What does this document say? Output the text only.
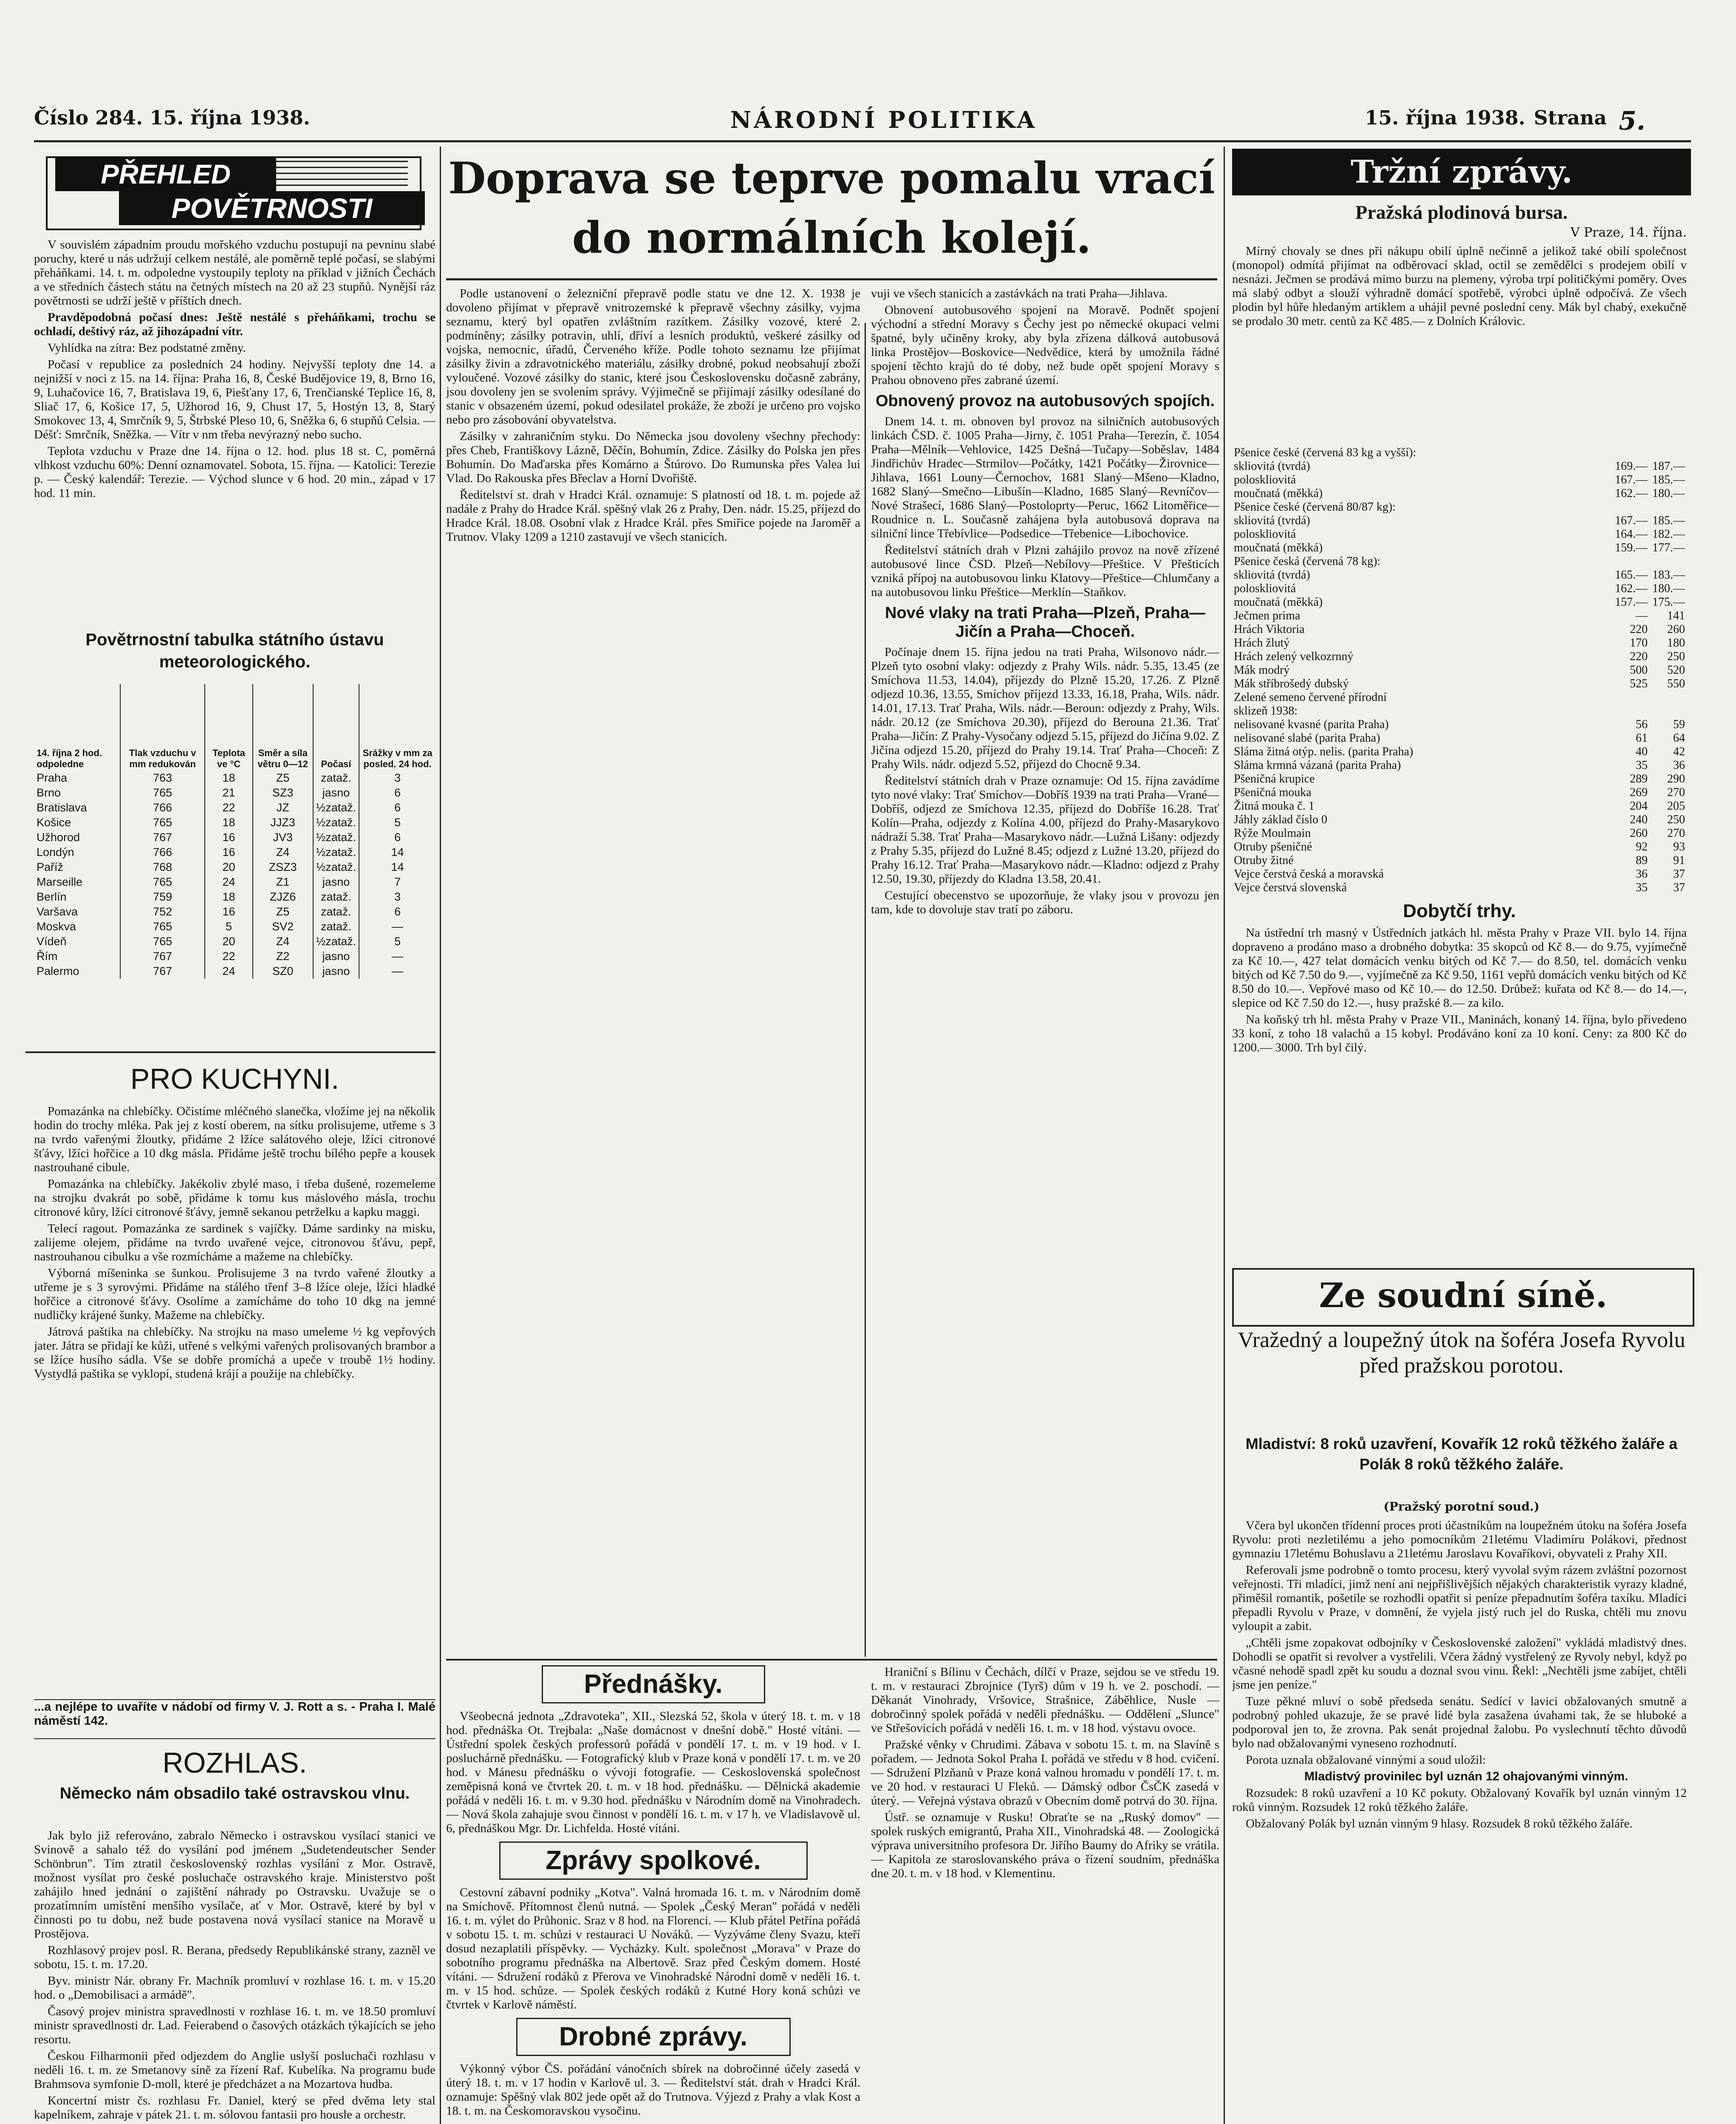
Číslo 284. 15. října 1938.	NÁRODNÍ POLITIKA	15. října 1938. Strana 5.
PŘEHLED
POVĚTRNOSTI

V souvislém západním proudu mořského vzduchu postupují na pevninu slabé poruchy, které u nás udržují celkem nestálé, ale poměrně teplé počasí, se slabými přeháňkami. 14. t. m. odpoledne vystoupily teploty na příklad v jižních Čechách a ve středních částech státu na četných místech na 20 až 23 stupňů. Nynější ráz povětrnosti se udrží ještě v příštích dnech.

Pravděpodobná počasí dnes: Ještě nestálé s přeháňkami, trochu se ochladí, deštivý ráz, až jihozápadní vítr.

Vyhlídka na zítra: Bez podstatné změny.

Počasí v republice za posledních 24 hodiny. Nejvyšší teploty dne 14. a nejnižší v noci z 15. na 14. října: Praha 16, 8, České Budějovice 19, 8, Brno 16, 9, Luhačovice 16, 7, Bratislava 19, 6, Piešťany 17, 6, Trenčianské Teplice 16, 8, Sliač 17, 6, Košice 17, 5, Užhorod 16, 9, Chust 17, 5, Hostýn 13, 8, Starý Smokovec 13, 4, Smrčník 9, 5, Štrbské Pleso 10, 6, Sněžka 6, 6 stupňů Celsia. — Déšť: Smrčník, Sněžka. — Vítr v nm třeba nevýrazný nebo sucho.

Teplota vzduchu v Praze dne 14. října o 12. hod. plus 18 st. C, poměrná vlhkost vzduchu 60%: Denní oznamovatel. Sobota, 15. října. — Katolici: Terezie p. — Český kalendář: Terezie. — Východ slunce v 6 hod. 20 min., západ v 17 hod. 11 min.

Povětrnostní tabulka státního ústavu meteorologického.
14. října 2 hod. odpoledne	Tlak vzduchu v mm redukován	Teplota ve °C	Směr a síla větru 0—12	Počasí	Srážky v mm za posled. 24 hod.
Praha	763	18	Z5	zataž.	3
Brno	765	21	SZ3	jasno	6
Bratislava	766	22	JZ	½zataž.	6
Košice	765	18	JJZ3	½zataž.	5
Užhorod	767	16	JV3	½zataž.	6
Londýn	766	16	Z4	½zataž.	14
Paříž	768	20	ZSZ3	½zataž.	14
Marseille	765	24	Z1	jasno	7
Berlín	759	18	ZJZ6	zataž.	3
Varšava	752	16	Z5	zataž.	6
Moskva	765	5	SV2	zataž.	—
Vídeň	765	20	Z4	½zataž.	5
Řím	767	22	Z2	jasno	—
Palermo	767	24	SZ0	jasno	—
PRO KUCHYNI.

Pomazánka na chlebíčky. Očistíme mléčného slanečka, vložíme jej na několik hodin do trochy mléka. Pak jej z kostí oberem, na sítku prolisujeme, utřeme s 3 na tvrdo vařenými žloutky, přidáme 2 lžíce salátového oleje, lžíci citronové šťávy, lžíci hořčice a 10 dkg másla. Přidáme ještě trochu bílého pepře a kousek nastrouhané cibule.

Pomazánka na chlebíčky. Jakékoliv zbylé maso, i třeba dušené, rozemeleme na strojku dvakrát po sobě, přidáme k tomu kus máslového másla, trochu citronové kůry, lžíci citronové šťávy, jemně sekanou petrželku a kapku maggi.

Telecí ragout. Pomazánka ze sardinek s vajíčky. Dáme sardinky na misku, zalijeme olejem, přidáme na tvrdo uvařené vejce, citronovou šťávu, pepř, nastrouhanou cibulku a vše rozmícháme a mažeme na chlebíčky.

Výborná míšeninka se šunkou. Prolisujeme 3 na tvrdo vařené žloutky a utřeme je s 3 syrovými. Přidáme na stálého třenf 3–8 lžíce oleje, lžíci hladké hořčice a citronové šťávy. Osolíme a zamícháme do toho 10 dkg na jemné nudličky krájené šunky. Mažeme na chlebíčky.

Játrová paštika na chlebíčky. Na strojku na maso umeleme ½ kg vepřových jater. Játra se přidají ke kůži, utřené s velkými vařených prolisovaných brambor a se lžíce husího sádla. Vše se dobře promíchá a upeče v troubě 1½ hodiny. Vystydlá paštika se vyklopí, studená krájí a použije na chlebíčky.

...a nejlépe to uvaříte v nádobí od firmy V. J. Rott a s. - Praha I. Malé náměstí 142.
ROZHLAS.
Německo nám obsadilo také ostravskou vlnu.

Jak bylo již referováno, zabralo Německo i ostravskou vysílací stanici ve Svinově a sahalo též do vysílání pod jménem „Sudetendeutscher Sender Schönbrun". Tím ztratil československý rozhlas vysílání z Mor. Ostravě, možnost vysílat pro české posluchače ostravského kraje. Ministerstvo pošt zahájilo hned jednání o zajištění náhrady po Ostravsku. Uvažuje se o prozatímním umístění menšího vysílače, ať v Mor. Ostravě, které by byl v činnosti po tu dobu, než bude postavena nová vysílací stanice na Moravě u Prostějova.

Rozhlasový projev posl. R. Berana, předsedy Republikánské strany, zazněl ve sobotu, 15. t. m. 17.20.

Byv. ministr Nár. obrany Fr. Machník promluví v rozhlase 16. t. m. v 15.20 hod. o „Demobilisaci a armádě".

Časový projev ministra spravedlnosti v rozhlase 16. t. m. ve 18.50 promluví ministr spravedlnosti dr. Lad. Feierabend o časových otázkách týkajících se jeho resortu.

Českou Filharmonii před odjezdem do Anglie uslyší posluchači rozhlasu v neděli 16. t. m. ze Smetanovy síně za řízení Raf. Kubelíka. Na programu bude Brahmsova symfonie D-moll, které je předcházet a na Mozartova hudba.

Koncertní mistr čs. rozhlasu Fr. Daniel, který se před dvěma lety stal kapelníkem, zahraje v pátek 21. t. m. sólovou fantasii pro housle a orchestr.

Doprava se teprve pomalu vrací
do normálních kolejí.

Podle ustanovení o železniční přepravě podle statu ve dne 12. X. 1938 je dovoleno přijímat v přepravě vnitrozemské k přepravě všechny zásilky, vyjma seznamu, který byl opatřen zvláštním razítkem. Zásilky vozové, které 2. podmíněny; zásilky potravin, uhlí, dříví a lesních produktů, veškeré zásilky od vojska, nemocnic, úřadů, Červeného kříže. Podle tohoto seznamu lze přijímat zásilky živin a zdravotnického materiálu, zásilky drobné, pokud neobsahují zboží vyloučené. Vozové zásilky do stanic, které jsou Československu dočasně zabrány, jsou dovoleny jen se svolením správy. Výjimečně se přijímají zásilky odesílané do stanic v obsazeném území, pokud odesilatel prokáže, že zboží je určeno pro vojsko nebo pro zásobování obyvatelstva.

Zásilky v zahraničním styku. Do Německa jsou dovoleny všechny přechody: přes Cheb, Františkovy Lázně, Děčín, Bohumín, Zdice. Zásilky do Polska jen přes Bohumín. Do Maďarska přes Komárno a Štúrovo. Do Rumunska přes Valea lui Vlad. Do Rakouska přes Břeclav a Horní Dvořiště.

Ředitelství st. drah v Hradci Král. oznamuje: S platností od 18. t. m. pojede až nadále z Prahy do Hradce Král. spěšný vlak 26 z Prahy, Den. nádr. 15.25, příjezd do Hradce Král. 18.08. Osobní vlak z Hradce Král. přes Smiřice pojede na Jaroměř a Trutnov. Vlaky 1209 a 1210 zastavují ve všech stanicích.

vuji ve všech stanicích a zastávkách na trati Praha—Jihlava.

Obnovení autobusového spojení na Moravě. Podnět spojení východní a střední Moravy s Čechy jest po německé okupaci velmi špatné, byly učiněny kroky, aby byla zřízena dálková autobusová linka Prostějov—Boskovice—Nedvědice, která by umožnila řádné spojení těchto krajů do té doby, než bude opět spojení Moravy s Prahou obnoveno přes zabrané území.

Obnovený provoz na autobusových spojích.

Dnem 14. t. m. obnoven byl provoz na silničních autobusových linkách ČSD. č. 1005 Praha—Jirny, č. 1051 Praha—Terezín, č. 1054 Praha—Mělník—Vehlovice, 1425 Dešná—Tučapy—Soběslav, 1484 Jindřichův Hradec—Strmilov—Počátky, 1421 Počátky—Žirovnice—Jihlava, 1661 Louny—Černochov, 1681 Slaný—Mšeno—Kladno, 1682 Slaný—Smečno—Libušín—Kladno, 1685 Slaný—Revníčov—Nové Strašecí, 1686 Slaný—Postoloprty—Peruc, 1662 Litoměřice—Roudnice n. L. Současně zahájena byla autobusová doprava na silniční lince Třebívlice—Podsedice—Třebenice—Libochovice.

Ředitelství státních drah v Plzni zahájilo provoz na nově zřízené autobusové lince ČSD. Plzeň—Nebílovy—Přeštice. V Přešticích vzniká přípoj na autobusovou linku Klatovy—Přeštice—Chlumčany a na autobusovou linku Přeštice—Merklín—Staňkov.

Nové vlaky na trati Praha—Plzeň, Praha—Jičín a Praha—Choceň.

Počínaje dnem 15. října jedou na trati Praha, Wilsonovo nádr.—Plzeň tyto osobní vlaky: odjezdy z Prahy Wils. nádr. 5.35, 13.45 (ze Smíchova 11.53, 14.04), příjezdy do Plzně 15.20, 17.26. Z Plzně odjezd 10.36, 13.55, Smíchov příjezd 13.33, 16.18, Praha, Wils. nádr. 14.01, 17.13. Trať Praha, Wils. nádr.—Beroun: odjezdy z Prahy, Wils. nádr. 20.12 (ze Smíchova 20.30), příjezd do Berouna 21.36. Trať Praha—Jičín: Z Prahy-Vysočany odjezd 5.15, příjezd do Jičína 9.02. Z Jičína odjezd 15.20, příjezd do Prahy 19.14. Trať Praha—Choceň: Z Prahy Wils. nádr. odjezd 5.52, příjezd do Chocně 9.34.

Ředitelství státních drah v Praze oznamuje: Od 15. října zavádíme tyto nové vlaky: Trať Smíchov—Dobříš 1939 na trati Praha—Vrané—Dobříš, odjezd ze Smíchova 12.35, příjezd do Dobříše 16.28. Trať Kolín—Praha, odjezdy z Kolína 4.00, příjezd do Prahy-Masarykovo nádraží 5.38. Trať Praha—Masarykovo nádr.—Lužná Lišany: odjezdy z Prahy 5.35, příjezd do Lužné 8.45; odjezd z Lužné 13.20, příjezd do Prahy 16.12. Trať Praha—Masarykovo nádr.—Kladno: odjezd z Prahy 12.50, 19.30, příjezdy do Kladna 13.58, 20.41.

Cestující obecenstvo se upozorňuje, že vlaky jsou v provozu jen tam, kde to dovoluje stav tratí po záboru.

Přednášky.

Všeobecná jednota „Zdravoteka", XII., Slezská 52, škola v úterý 18. t. m. v 18 hod. přednáška Ot. Trejbala: „Naše domácnost v dnešní době." Hosté vítáni. — Ústřední spolek českých professorů pořádá v pondělí 17. t. m. v 19 hod. v I. posluchárně přednášku. — Fotografický klub v Praze koná v pondělí 17. t. m. ve 20 hod. v Mánesu přednášku o vývoji fotografie. — Ceskoslovenská společnost zeměpisná koná ve čtvrtek 20. t. m. v 18 hod. přednášku. — Dělnická akademie pořádá v neděli 16. t. m. v 9.30 hod. přednášku v Národním domě na Vinohradech. — Nová škola zahajuje svou činnost v pondělí 16. t. m. v 17 h. ve Vladislavově ul. 6, přednáškou Mgr. Dr. Lichfelda. Hosté vítáni.

Zprávy spolkové.

Cestovní zábavní podniky „Kotva". Valná hromada 16. t. m. v Národním domě na Smíchově. Přítomnost členů nutná. — Spolek „Český Meran" pořádá v neděli 16. t. m. výlet do Průhonic. Sraz v 8 hod. na Florenci. — Klub přátel Petřína pořádá v sobotu 15. t. m. schůzi v restauraci U Nováků. — Vyzýváme členy Svazu, kteří dosud nezaplatili příspěvky. — Vycházky. Kult. společnost „Morava" v Praze do sobotního programu přednáška na Albertově. Sraz před Českým domem. Hosté vítáni. — Sdružení rodáků z Přerova ve Vinohradské Národní domě v neděli 16. t. m. v 15 hod. schůze. — Spolek českých rodáků z Kutné Hory koná schůzi ve čtvrtek v Karlově náměstí.

Drobné zprávy.

Výkonný výbor ČS. pořádání vánočních sbírek na dobročinné účely zasedá v úterý 18. t. m. v 17 hodin v Karlově ul. 3. — Ředitelství stát. drah v Hradci Král. oznamuje: Spěšný vlak 802 jede opět až do Trutnova. Výjezd z Prahy a vlak Kost a 18. t. m. na Českomoravskou vysočinu.

Hraniční s Bílinu v Čechách, dílčí v Praze, sejdou se ve středu 19. t. m. v restauraci Zbrojnice (Tyrš) dům v 19 h. ve 2. poschodí. — Děkanát Vinohrady, Vršovice, Strašnice, Záběhlice, Nusle — dobročinný spolek pořádá v neděli přednášku. — Oddělení „Slunce" ve Střešovicích pořádá v neděli 16. t. m. v 18 hod. výstavu ovoce.

Pražské věnky v Chrudimi. Zábava v sobotu 15. t. m. na Slavíně s pořadem. — Jednota Sokol Praha I. pořádá ve středu v 8 hod. cvičení. — Sdružení Plzňanů v Praze koná valnou hromadu v pondělí 17. t. m. ve 20 hod. v restauraci U Fleků. — Dámský odbor ČsČK zasedá v úterý. — Veřejná výstava obrazů v Obecním domě potrvá do 30. října.

Ústř. se oznamuje v Rusku! Obraťte se na „Ruský domov" — spolek ruských emigrantů, Praha XII., Vinohradská 48. — Zoologická výprava universitního profesora Dr. Jiřího Baumy do Afriky se vrátila. — Kapitola ze staroslovanského práva o řízení soudním, přednáška dne 20. t. m. v 18 hod. v Klementinu.

Tržní zprávy.
Pražská plodinová bursa.
V Praze, 14. října.

Mírný chovaly se dnes při nákupu obilí úplně nečinně a jelikož také obilí společnost (monopol) odmítá přijímat na odběrovací sklad, octil se zemědělci s prodejem obilí v nesnázi. Ječmen se prodává mimo burzu na plemeny, výroba trpí političkými poměry. Oves má slabý odbyt a slouží výhradně domácí spotřebě, výrobci úplně odpočívá. Ze všech plodin byl hůře hledaným artiklem a uhájil pevné poslední ceny. Mák byl chabý, exekučně se prodalo 30 metr. centů za Kč 485.— z Dolních Královic.

Pšenice české (červená 83 kg a vyšší):		
skliovitá (tvrdá)	169.—	187.—
poloskliovitá	167.—	185.—
moučnatá (měkká)	162.—	180.—
Pšenice české (červená 80/87 kg):		
skliovitá (tvrdá)	167.—	185.—
poloskliovitá	164.—	182.—
moučnatá (měkká)	159.—	177.—
Pšenice česká (červená 78 kg):		
skliovitá (tvrdá)	165.—	183.—
poloskliovitá	162.—	180.—
moučnatá (měkká)	157.—	175.—
Ječmen prima	—	141
Hrách Viktoria	220	260
Hrách žlutý	170	180
Hrách zelený velkozrnný	220	250
Mák modrý	500	520
Mák stříbrošedý dubský	525	550
Zelené semeno červené přírodní		
sklizeň 1938:		
nelisované kvasné (parita Praha)	56	59
nelisované slabé (parita Praha)	61	64
Sláma žitná otýp. nelis. (parita Praha)	40	42
Sláma krmná vázaná (parita Praha)	35	36
Pšeničná krupice	289	290
Pšeničná mouka	269	270
Žitná mouka č. 1	204	205
Jáhly základ číslo 0	240	250
Rýže Moulmain	260	270
Otruby pšeničné	92	93
Otruby žitné	89	91
Vejce čerstvá česká a moravská	36	37
Vejce čerstvá slovenská	35	37
Dobytčí trhy.

Na ústřední trh masný v Ústředních jatkách hl. města Prahy v Praze VII. bylo 14. října dopraveno a prodáno maso a drobného dobytka: 35 skopců od Kč 8.— do 9.75, vyjímečně za Kč 10.—, 427 telat domácích venku bitých od Kč 7.— do 8.50, tel. domácích venku bitých od Kč 7.50 do 9.—, vyjímečně za Kč 9.50, 1161 vepřů domácích venku bitých od Kč 8.50 do 10.—. Vepřové maso od Kč 10.— do 12.50. Drůbež: kuřata od Kč 8.— do 14.—, slepice od Kč 7.50 do 12.—, husy pražské 8.— za kilo.

Na koňský trh hl. města Prahy v Praze VII., Maninách, konaný 14. října, bylo přivedeno 33 koní, z toho 18 valachů a 15 kobyl. Prodáváno koní za 10 koní. Ceny: za 800 Kč do 1200.— 3000. Trh byl čilý.

Ze soudní síně.
Vražedný a loupežný útok na šoféra Josefa Ryvolu před pražskou porotou.
Mladiství: 8 roků uzavření, Kovařík 12 roků těžkého žaláře a Polák 8 roků těžkého žaláře.
(Pražský porotní soud.)

Včera byl ukončen třídenní proces proti účastníkům na loupežném útoku na šoféra Josefa Ryvolu: proti nezletilému a jeho pomocníkům 21letému Vladimíru Polákovi, přednost gymnaziu 17letému Bohuslavu a 21letému Jaroslavu Kovaříkovi, obyvateli z Prahy XII.

Referovali jsme podrobně o tomto procesu, který vyvolal svým rázem zvláštní pozornost veřejnosti. Tři mladíci, jimž není ani nejpřišlivějších nějakých charakteristik vyrazy kladné, přiměšil romantik, pošetile se rozhodli opatřit si peníze přepadnutím šoféra taxíku. Mladíci přepadli Ryvolu v Praze, v domnění, že vyjela jistý ruch jel do Ruska, chtěli mu znovu vyloupit a zabit.

„Chtěli jsme zopakovat odbojníky v Československé založení" vykládá mladistvý dnes. Dohodli se opatřit si revolver a vystřelili. Včera žádný vystřelený ze Ryvoly nebyl, když po včasné nehodě spadl zpět ku soudu a doznal svou vinu. Řekl: „Nechtěli jsme zabíjet, chtěli jsme jen peníze."

Tuze pěkné mluví o sobě předseda senátu. Sedící v lavici obžalovaných smutně a podrobný pohled ukazuje, že se pravé lidé byla zasažena úvahami tak, že se hluboké a podporoval jen to, že zrovna. Pak senát projednal žalobu. Po vyslechnutí těchto důvodů bylo nad obžalovanými vyneseno rozhodnutí.

Porota uznala obžalované vinnými a soud uložil:

Mladistvý provinilec byl uznán 12 ohajovanými vinným.

Rozsudek: 8 roků uzavření a 10 Kč pokuty. Obžalovaný Kovařík byl uznán vinným 12 roků vinným. Rozsudek 12 roků těžkého žaláře.

Obžalovaný Polák byl uznán vinným 9 hlasy. Rozsudek 8 roků těžkého žaláře.
